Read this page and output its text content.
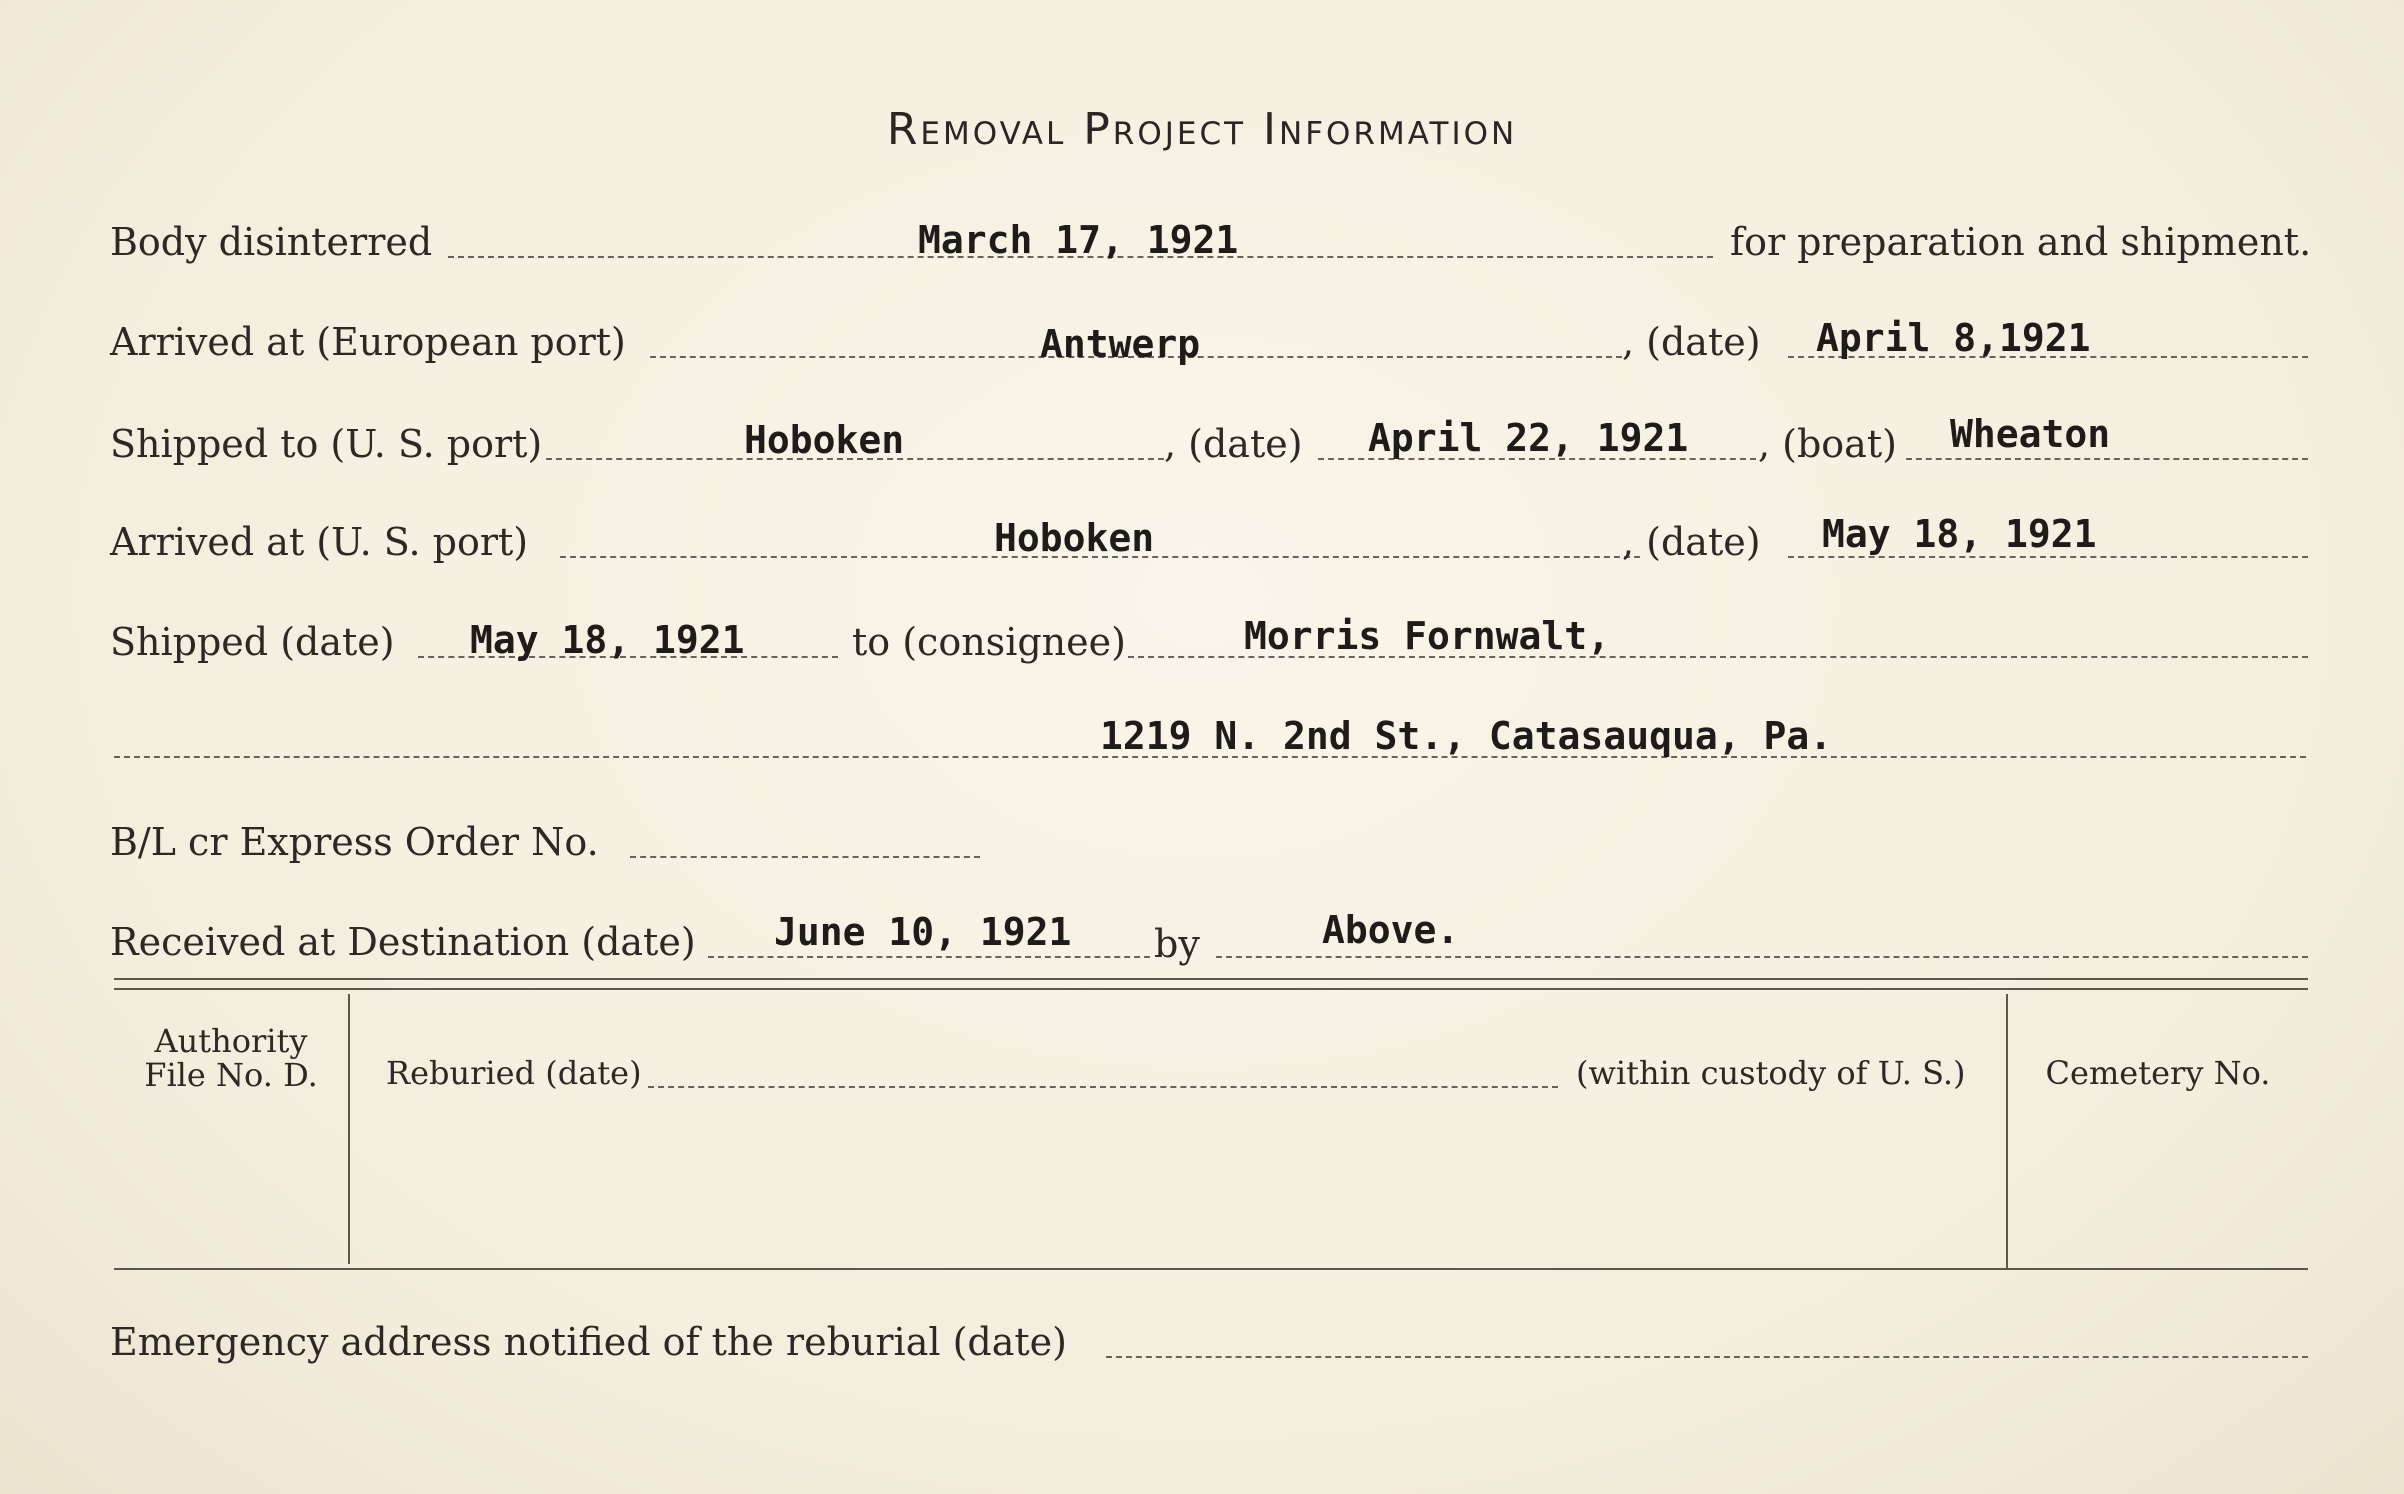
Removal Project Information
Body disinterred	March 17, 1921	for preparation and shipment.
Arrived at (European port)	Antwerp	, (date) April 8,1921
Shipped to (U. S. port)	Hoboken	, (date) April 22, 1921 , (boat) Wheaton
Arrived at (U. S. port)	Hoboken	, (date) May 18, 1921
Shipped (date) May 18, 1921	to (consignee)	Morris Fornwalt,
1219 N. 2nd St., Catasauqua, Pa.
B/L cr Express Order No.
Received at Destination (date) June 10, 1921 by	Above.
Authority
File No. D.	Reburied (date)	(within custody of U. S.)	Cemetery No.
Emergency address notified of the reburial (date)
